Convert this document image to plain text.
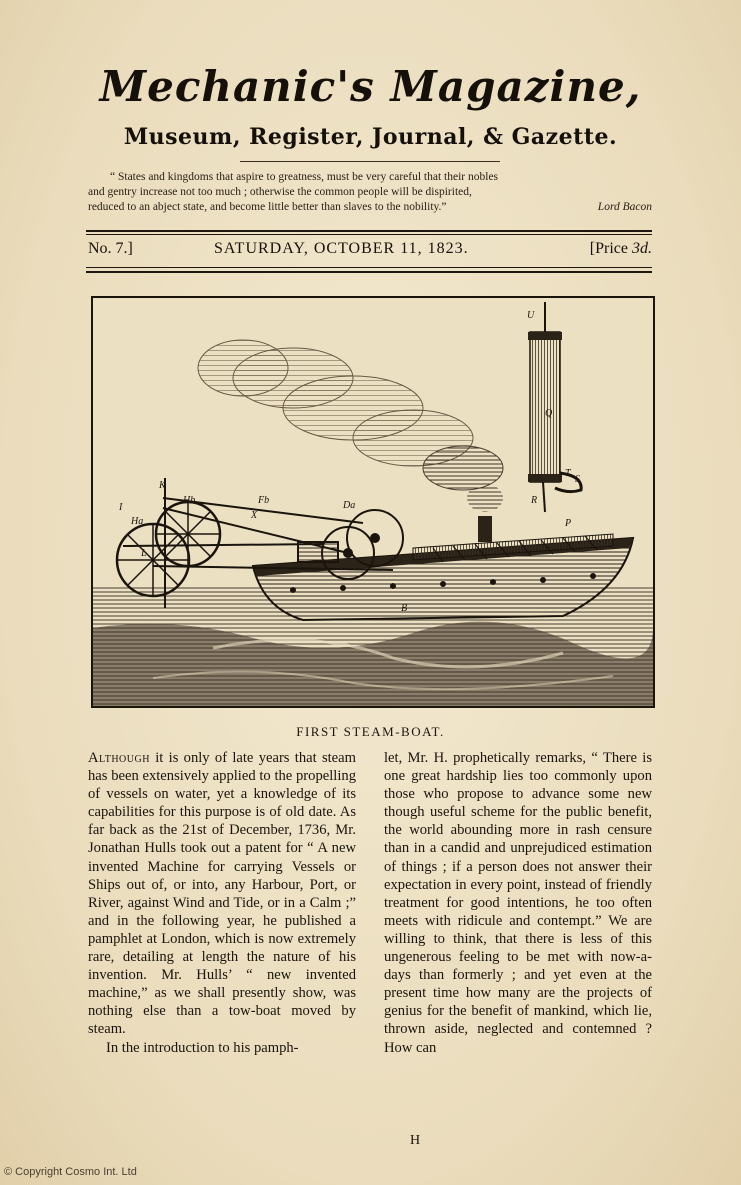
Mechanic's Magazine,
Museum, Register, Journal, & Gazette.
“ States and kingdoms that aspire to greatness, must be very careful that their nobles
and gentry increase not too much ; otherwise the common people will be dispirited,
reduced to an abject state, and become little better than slaves to the nobility.”	Lord Bacon
No. 7.]	SATURDAY, OCTOBER 11, 1823.	[Price 3d.
U
Q
T
S
R
P
Hb	Fb	Da
Ha
I
L
X
B
K
FIRST STEAM-BOAT.

Although it is only of late years that steam has been extensively applied to the propelling of vessels on water, yet a knowledge of its capabilities for this purpose is of old date. As far back as the 21st of December, 1736, Mr. Jonathan Hulls took out a patent for “ A new invented Machine for carrying Vessels or Ships out of, or into, any Harbour, Port, or River, against Wind and Tide, or in a Calm ;” and in the following year, he published a pamphlet at London, which is now extremely rare, detailing at length the nature of his invention. Mr. Hulls’ “ new invented machine,” as we shall presently show, was nothing else than a tow-boat moved by steam.

In the introduction to his pamph-

let, Mr. H. prophetically remarks, “ There is one great hardship lies too commonly upon those who propose to advance some new though useful scheme for the public benefit, the world abounding more in rash censure than in a candid and unprejudiced estimation of things ; if a person does not answer their expectation in every point, instead of friendly treatment for good intentions, he too often meets with ridicule and contempt.” We are willing to think, that there is less of this ungenerous feeling to be met with now-a-days than formerly ; and yet even at the present time how many are the projects of genius for the benefit of mankind, which lie, thrown aside, neglected and contemned ? How can

H
© Copyright Cosmo Int. Ltd
